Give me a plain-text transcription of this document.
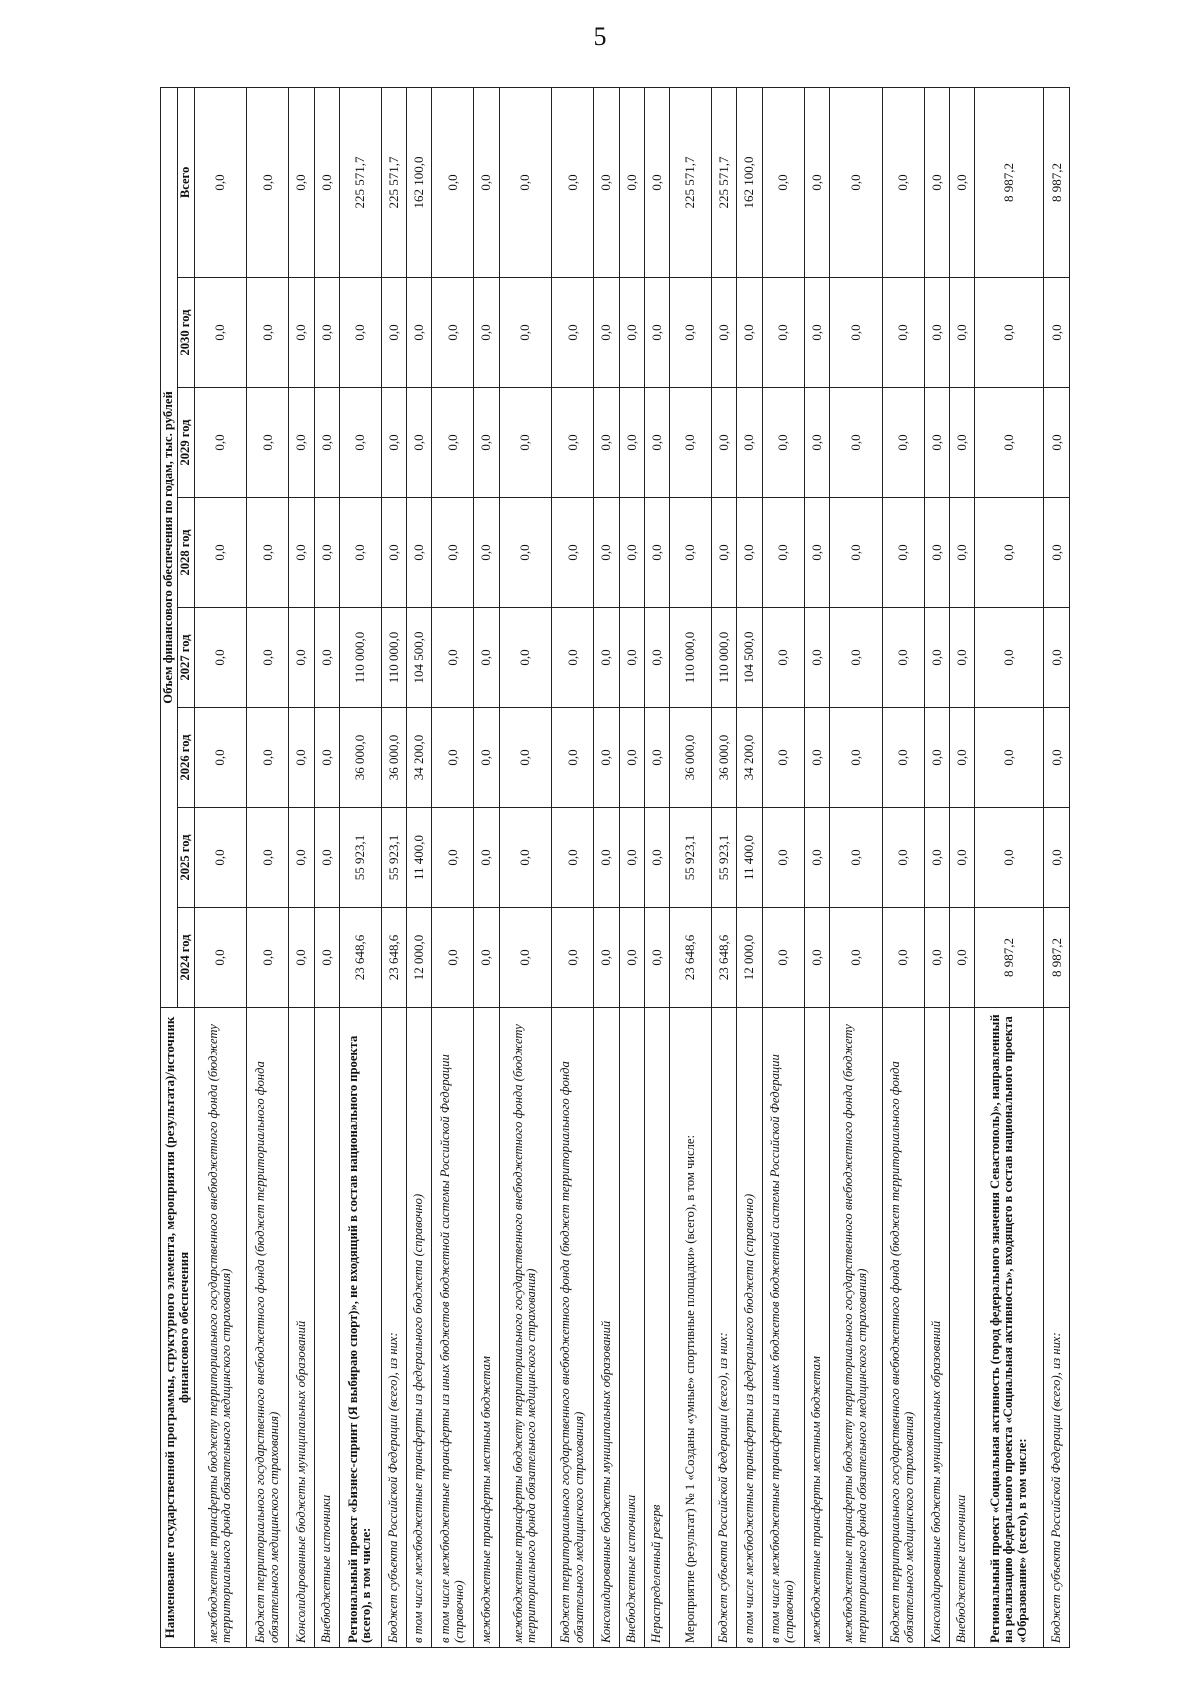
5
Наименование государственной программы, структурного элемента, мероприятия (результата)/источник финансового обеспечения	Объем финансового обеспечения по годам, тыс. рублей							
	2024 год	2025 год	2026 год	2027 год	2028 год	2029 год	2030 год	Всего
межбюджетные трансферты бюджету территориального государственного внебюджетного фонда (бюджету территориального фонда обязательного медицинского страхования)	0,0	0,0	0,0	0,0	0,0	0,0	0,0	0,0
Бюджет территориального государственного внебюджетного фонда (бюджет территориального фонда обязательного медицинского страхования)	0,0	0,0	0,0	0,0	0,0	0,0	0,0	0,0
Консолидированные бюджеты муниципальных образований	0,0	0,0	0,0	0,0	0,0	0,0	0,0	0,0
Внебюджетные источники	0,0	0,0	0,0	0,0	0,0	0,0	0,0	0,0
Региональный проект «Бизнес-спринт (Я выбираю спорт)», не входящий в состав национального проекта (всего), в том числе:	23 648,6	55 923,1	36 000,0	110 000,0	0,0	0,0	0,0	225 571,7
Бюджет субъекта Российской Федерации (всего), из них:	23 648,6	55 923,1	36 000,0	110 000,0	0,0	0,0	0,0	225 571,7
в том числе межбюджетные трансферты из федерального бюджета (справочно)	12 000,0	11 400,0	34 200,0	104 500,0	0,0	0,0	0,0	162 100,0
в том числе межбюджетные трансферты из иных бюджетов бюджетной системы Российской Федерации (справочно)	0,0	0,0	0,0	0,0	0,0	0,0	0,0	0,0
межбюджетные трансферты местным бюджетам	0,0	0,0	0,0	0,0	0,0	0,0	0,0	0,0
межбюджетные трансферты бюджету территориального государственного внебюджетного фонда (бюджету территориального фонда обязательного медицинского страхования)	0,0	0,0	0,0	0,0	0,0	0,0	0,0	0,0
Бюджет территориального государственного внебюджетного фонда (бюджет территориального фонда обязательного медицинского страхования)	0,0	0,0	0,0	0,0	0,0	0,0	0,0	0,0
Консолидированные бюджеты муниципальных образований	0,0	0,0	0,0	0,0	0,0	0,0	0,0	0,0
Внебюджетные источники	0,0	0,0	0,0	0,0	0,0	0,0	0,0	0,0
Нераспределенный резерв	0,0	0,0	0,0	0,0	0,0	0,0	0,0	0,0
Мероприятие (результат) № 1 «Созданы «умные» спортивные площадки» (всего), в том числе:	23 648,6	55 923,1	36 000,0	110 000,0	0,0	0,0	0,0	225 571,7
Бюджет субъекта Российской Федерации (всего), из них:	23 648,6	55 923,1	36 000,0	110 000,0	0,0	0,0	0,0	225 571,7
в том числе межбюджетные трансферты из федерального бюджета (справочно)	12 000,0	11 400,0	34 200,0	104 500,0	0,0	0,0	0,0	162 100,0
в том числе межбюджетные трансферты из иных бюджетов бюджетной системы Российской Федерации (справочно)	0,0	0,0	0,0	0,0	0,0	0,0	0,0	0,0
межбюджетные трансферты местным бюджетам	0,0	0,0	0,0	0,0	0,0	0,0	0,0	0,0
межбюджетные трансферты бюджету территориального государственного внебюджетного фонда (бюджету территориального фонда обязательного медицинского страхования)	0,0	0,0	0,0	0,0	0,0	0,0	0,0	0,0
Бюджет территориального государственного внебюджетного фонда (бюджет территориального фонда обязательного медицинского страхования)	0,0	0,0	0,0	0,0	0,0	0,0	0,0	0,0
Консолидированные бюджеты муниципальных образований	0,0	0,0	0,0	0,0	0,0	0,0	0,0	0,0
Внебюджетные источники	0,0	0,0	0,0	0,0	0,0	0,0	0,0	0,0
Региональный проект «Социальная активность (город федерального значения Севастополь)», направленный на реализацию федерального проекта «Социальная активность», входящего в состав национального проекта «Образование» (всего), в том числе:	8 987,2	0,0	0,0	0,0	0,0	0,0	0,0	8 987,2
Бюджет субъекта Российской Федерации (всего), из них:	8 987,2	0,0	0,0	0,0	0,0	0,0	0,0	8 987,2
